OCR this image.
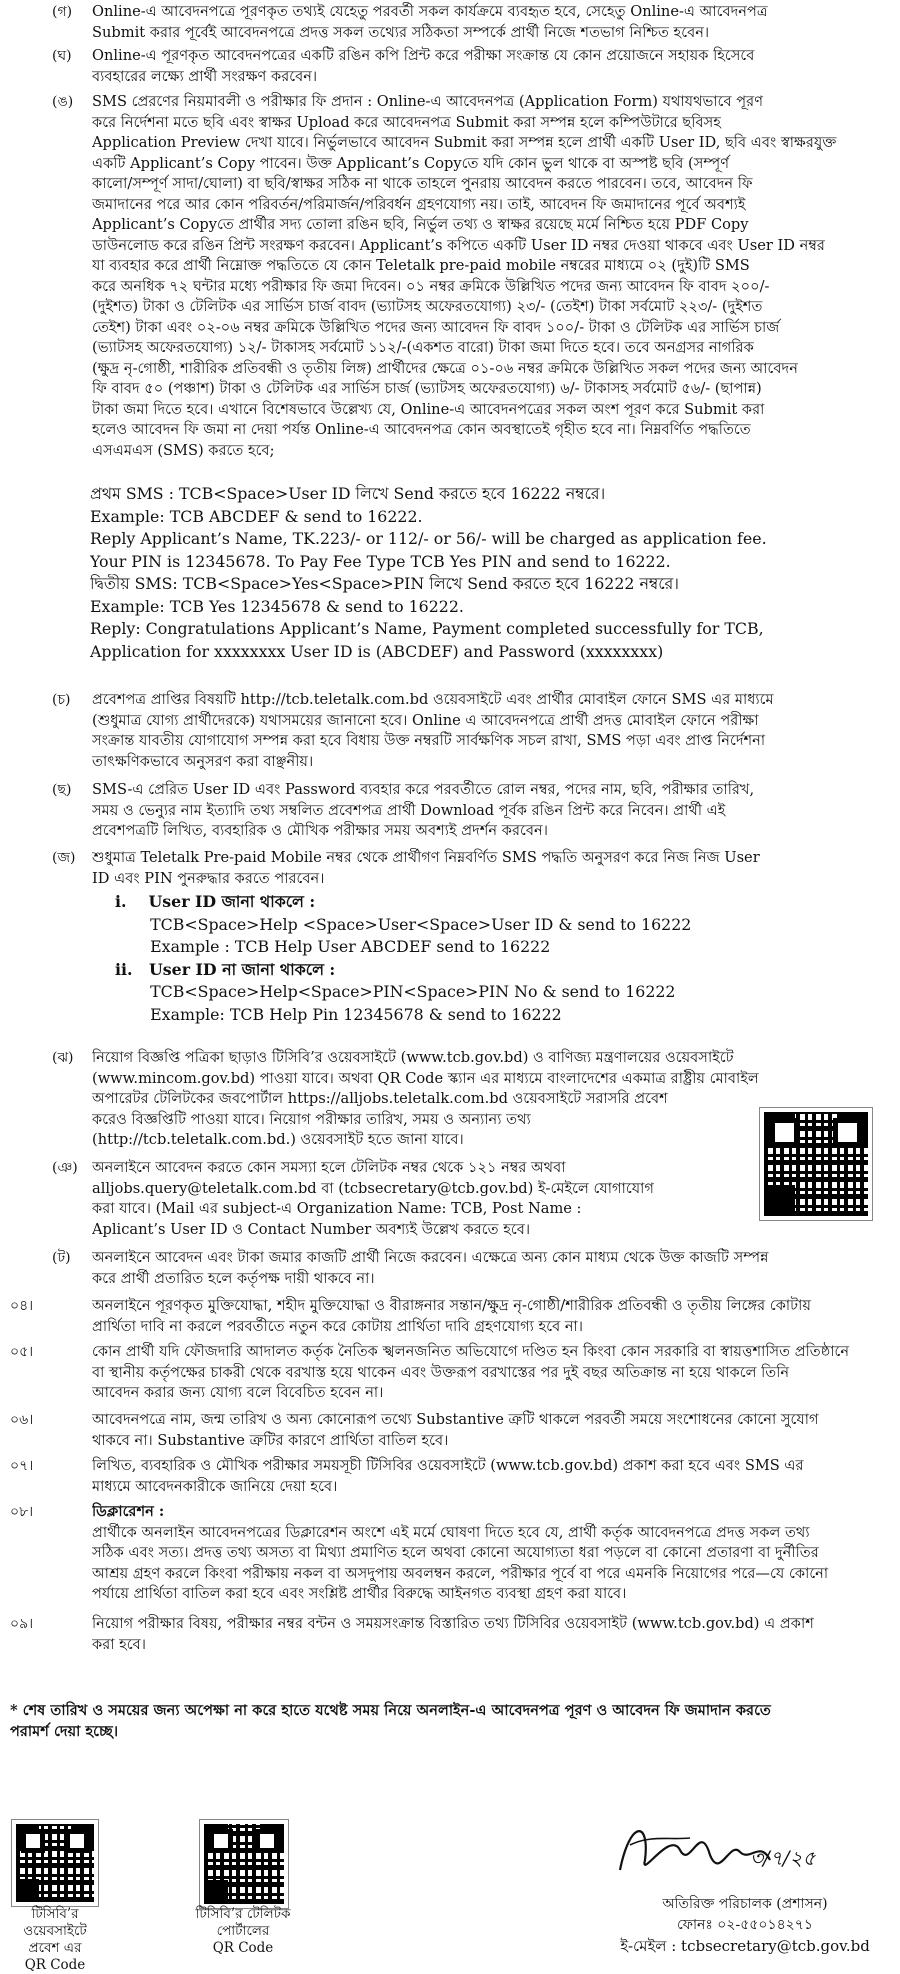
(গ) Online-এ আবেদনপত্রে পূরণকৃত তথ্যই যেহেতু পরবর্তী সকল কার্যক্রমে ব্যবহৃত হবে, সেহেতু Online-এ আবেদনপত্র
Submit করার পূর্বেই আবেদনপত্রে প্রদত্ত সকল তথ্যের সঠিকতা সম্পর্কে প্রার্থী নিজে শতভাগ নিশ্চিত হবেন।
(ঘ) Online-এ পূরণকৃত আবেদনপত্রের একটি রঙিন কপি প্রিন্ট করে পরীক্ষা সংক্রান্ত যে কোন প্রয়োজনে সহায়ক হিসেবে
ব্যবহারের লক্ষ্যে প্রার্থী সংরক্ষণ করবেন।
(ঙ) SMS প্রেরণের নিয়মাবলী ও পরীক্ষার ফি প্রদান : Online-এ আবেদনপত্র (Application Form) যথাযথভাবে পূরণ
করে নির্দেশনা মতে ছবি এবং স্বাক্ষর Upload করে আবেদনপত্র Submit করা সম্পন্ন হলে কম্পিউটারে ছবিসহ
Application Preview দেখা যাবে। নির্ভুলভাবে আবেদন Submit করা সম্পন্ন হলে প্রার্থী একটি User ID, ছবি এবং স্বাক্ষরযুক্ত
একটি Applicant’s Copy পাবেন। উক্ত Applicant’s Copyতে যদি কোন ভুল থাকে বা অস্পষ্ট ছবি (সম্পূর্ণ
কালো/সম্পূর্ণ সাদা/ঘোলা) বা ছবি/স্বাক্ষর সঠিক না থাকে তাহলে পুনরায় আবেদন করতে পারবেন। তবে, আবেদন ফি
জমাদানের পরে আর কোন পরিবর্তন/পরিমার্জন/পরিবর্ধন গ্রহণযোগ্য নয়। তাই, আবেদন ফি জমাদানের পূর্বে অবশ্যই
Applicant’s Copyতে প্রার্থীর সদ্য তোলা রঙিন ছবি, নির্ভুল তথ্য ও স্বাক্ষর রয়েছে মর্মে নিশ্চিত হয়ে PDF Copy
ডাউনলোড করে রঙিন প্রিন্ট সংরক্ষণ করবেন। Applicant’s কপিতে একটি User ID নম্বর দেওয়া থাকবে এবং User ID নম্বর
যা ব্যবহার করে প্রার্থী নিম্নোক্ত পদ্ধতিতে যে কোন Teletalk pre-paid mobile নম্বরের মাধ্যমে ০২ (দুই)টি SMS
করে অনধিক ৭২ ঘন্টার মধ্যে পরীক্ষার ফি জমা দিবেন। ০১ নম্বর ক্রমিকে উল্লিখিত পদের জন্য আবেদন ফি বাবদ ২০০/-
(দুইশত) টাকা ও টেলিটক এর সার্ভিস চার্জ বাবদ (ভ্যাটসহ অফেরতযোগ্য) ২৩/- (তেইশ) টাকা সর্বমোট ২২৩/- (দুইশত
তেইশ) টাকা এবং ০২-০৬ নম্বর ক্রমিকে উল্লিখিত পদের জন্য আবেদন ফি বাবদ ১০০/- টাকা ও টেলিটক এর সার্ভিস চার্জ
(ভ্যাটসহ অফেরতযোগ্য) ১২/- টাকাসহ সর্বমোট ১১২/-(একশত বারো) টাকা জমা দিতে হবে। তবে অনগ্রসর নাগরিক
(ক্ষুদ্র নৃ-গোষ্ঠী, শারীরিক প্রতিবন্ধী ও তৃতীয় লিঙ্গ) প্রার্থীদের ক্ষেত্রে ০১-০৬ নম্বর ক্রমিকে উল্লিখিত সকল পদের জন্য আবেদন
ফি বাবদ ৫০ (পঞ্চাশ) টাকা ও টেলিটক এর সার্ভিস চার্জ (ভ্যাটসহ অফেরতযোগ্য) ৬/- টাকাসহ সর্বমোট ৫৬/- (ছাপান্ন)
টাকা জমা দিতে হবে। এখানে বিশেষভাবে উল্লেখ্য যে, Online-এ আবেদনপত্রের সকল অংশ পূরণ করে Submit করা
হলেও আবেদন ফি জমা না দেয়া পর্যন্ত Online-এ আবেদনপত্র কোন অবস্থাতেই গৃহীত হবে না। নিম্নবর্ণিত পদ্ধতিতে
এসএমএস (SMS) করতে হবে;
প্রথম SMS : TCB<Space>User ID লিখে Send করতে হবে 16222 নম্বরে।
Example: TCB ABCDEF & send to 16222.
Reply Applicant’s Name, TK.223/- or 112/- or 56/- will be charged as application fee.
Your PIN is 12345678. To Pay Fee Type TCB Yes PIN and send to 16222.
দ্বিতীয় SMS: TCB<Space>Yes<Space>PIN লিখে Send করতে হবে 16222 নম্বরে।
Example: TCB Yes 12345678 & send to 16222.
Reply: Congratulations Applicant’s Name, Payment completed successfully for TCB,
Application for xxxxxxxx User ID is (ABCDEF) and Password (xxxxxxxx)
(চ) প্রবেশপত্র প্রাপ্তির বিষয়টি http://tcb.teletalk.com.bd ওয়েবসাইটে এবং প্রার্থীর মোবাইল ফোনে SMS এর মাধ্যমে
(শুধুমাত্র যোগ্য প্রার্থীদেরকে) যথাসময়ের জানানো হবে। Online এ আবেদনপত্রে প্রার্থী প্রদত্ত মোবাইল ফোনে পরীক্ষা
সংক্রান্ত যাবতীয় যোগাযোগ সম্পন্ন করা হবে বিধায় উক্ত নম্বরটি সার্বক্ষণিক সচল রাখা, SMS পড়া এবং প্রাপ্ত নির্দেশনা
তাৎক্ষণিকভাবে অনুসরণ করা বাঞ্ছনীয়।
(ছ) SMS-এ প্রেরিত User ID এবং Password ব্যবহার করে পরবর্তীতে রোল নম্বর, পদের নাম, ছবি, পরীক্ষার তারিখ,
সময় ও ভেন্যুর নাম ইত্যাদি তথ্য সম্বলিত প্রবেশপত্র প্রার্থী Download পূর্বক রঙিন প্রিন্ট করে নিবেন। প্রার্থী এই
প্রবেশপত্রটি লিখিত, ব্যবহারিক ও মৌখিক পরীক্ষার সময় অবশ্যই প্রদর্শন করবেন।
(জ) শুধুমাত্র Teletalk Pre-paid Mobile নম্বর থেকে প্রার্থীগণ নিম্নবর্ণিত SMS পদ্ধতি অনুসরণ করে নিজ নিজ User
ID এবং PIN পুনরুদ্ধার করতে পারবেন।
i.    User ID জানা থাকলে :
TCB<Space>Help <Space>User<Space>User ID & send to 16222
Example : TCB Help User ABCDEF send to 16222
ii.   User ID না জানা থাকলে :
TCB<Space>Help<Space>PIN<Space>PIN No & send to 16222
Example: TCB Help Pin 12345678 & send to 16222
(ঝ) নিয়োগ বিজ্ঞপ্তি পত্রিকা ছাড়াও টিসিবি’র ওয়েবসাইটে (www.tcb.gov.bd) ও বাণিজ্য মন্ত্রণালয়ের ওয়েবসাইটে
(www.mincom.gov.bd) পাওয়া যাবে। অথবা QR Code স্ক্যান এর মাধ্যমে বাংলাদেশের একমাত্র রাষ্ট্রীয় মোবাইল
অপারেটর টেলিটকের জবপোর্টাল https://alljobs.teletalk.com.bd ওয়েবসাইটে সরাসরি প্রবেশ
করেও বিজ্ঞপ্তিটি পাওয়া যাবে। নিয়োগ পরীক্ষার তারিখ, সময় ও অন্যান্য তথ্য
(http://tcb.teletalk.com.bd.) ওয়েবসাইট হতে জানা যাবে।
(ঞ) অনলাইনে আবেদন করতে কোন সমস্যা হলে টেলিটক নম্বর থেকে ১২১ নম্বর অথবা
alljobs.query@teletalk.com.bd বা (tcbsecretary@tcb.gov.bd) ই-মেইলে যোগাযোগ
করা যাবে। (Mail এর subject-এ Organization Name: TCB, Post Name :
Aplicant’s User ID ও Contact Number অবশ্যই উল্লেখ করতে হবে।
(ট) অনলাইনে আবেদন এবং টাকা জমার কাজটি প্রার্থী নিজে করবেন। এক্ষেত্রে অন্য কোন মাধ্যম থেকে উক্ত কাজটি সম্পন্ন
করে প্রার্থী প্রতারিত হলে কর্তৃপক্ষ দায়ী থাকবে না।
০৪।	অনলাইনে পূরণকৃত মুক্তিযোদ্ধা, শহীদ মুক্তিযোদ্ধা ও বীরাঙ্গনার সন্তান/ক্ষুদ্র নৃ-গোষ্ঠী/শারীরিক প্রতিবন্ধী ও তৃতীয় লিঙ্গের কোটায়
প্রার্থিতা দাবি না করলে পরবর্তীতে নতুন করে কোটায় প্রার্থিতা দাবি গ্রহণযোগ্য হবে না।
০৫।	কোন প্রার্থী যদি ফৌজদারি আদালত কর্তৃক নৈতিক স্খলনজনিত অভিযোগে দণ্ডিত হন কিংবা কোন সরকারি বা স্বায়ত্তশাসিত প্রতিষ্ঠানে
বা স্থানীয় কর্তৃপক্ষের চাকরী থেকে বরখাস্ত হয়ে থাকেন এবং উক্তরূপ বরখাস্তের পর দুই বছর অতিক্রান্ত না হয়ে থাকলে তিনি
আবেদন করার জন্য যোগ্য বলে বিবেচিত হবেন না।
০৬।	আবেদনপত্রে নাম, জন্ম তারিখ ও অন্য কোনোরূপ তথ্যে Substantive ত্রুটি থাকলে পরবর্তী সময়ে সংশোধনের কোনো সুযোগ
থাকবে না। Substantive ত্রুটির কারণে প্রার্থিতা বাতিল হবে।
০৭।	লিখিত, ব্যবহারিক ও মৌখিক পরীক্ষার সময়সূচী টিসিবির ওয়েবসাইটে (www.tcb.gov.bd) প্রকাশ করা হবে এবং SMS এর
মাধ্যমে আবেদনকারীকে জানিয়ে দেয়া হবে।
০৮।	ডিক্লারেশন :
প্রার্থীকে অনলাইন আবেদনপত্রের ডিক্লারেশন অংশে এই মর্মে ঘোষণা দিতে হবে যে, প্রার্থী কর্তৃক আবেদনপত্রে প্রদত্ত সকল তথ্য
সঠিক এবং সত্য। প্রদত্ত তথ্য অসত্য বা মিথ্যা প্রমাণিত হলে অথবা কোনো অযোগ্যতা ধরা পড়লে বা কোনো প্রতারণা বা দুর্নীতির
আশ্রয় গ্রহণ করলে কিংবা পরীক্ষায় নকল বা অসদুপায় অবলম্বন করলে, পরীক্ষার পূর্বে বা পরে এমনকি নিয়োগের পরে—যে কোনো
পর্যায়ে প্রার্থিতা বাতিল করা হবে এবং সংশ্লিষ্ট প্রার্থীর বিরুদ্ধে আইনগত ব্যবস্থা গ্রহণ করা যাবে।
০৯।	নিয়োগ পরীক্ষার বিষয়, পরীক্ষার নম্বর বন্টন ও সময়সংক্রান্ত বিস্তারিত তথ্য টিসিবির ওয়েবসাইট (www.tcb.gov.bd) এ প্রকাশ
করা হবে।
টিসিবি’র ওয়েবসাইটে
প্রবেশ এর
QR Code
টিসিবি’র টেলিটক
পোর্টালের
QR Code
৩/৭/২৫
অতিরিক্ত পরিচালক (প্রশাসন)
ফোনঃ ০২-৫৫০১৪২৭১
ই-মেইল : tcbsecretary@tcb.gov.bd
* শেষ তারিখ ও সময়ের জন্য অপেক্ষা না করে হাতে যথেষ্ট সময় নিয়ে অনলাইন-এ আবেদনপত্র পূরণ ও আবেদন ফি জমাদান করতে
পরামর্শ দেয়া হচ্ছে।
